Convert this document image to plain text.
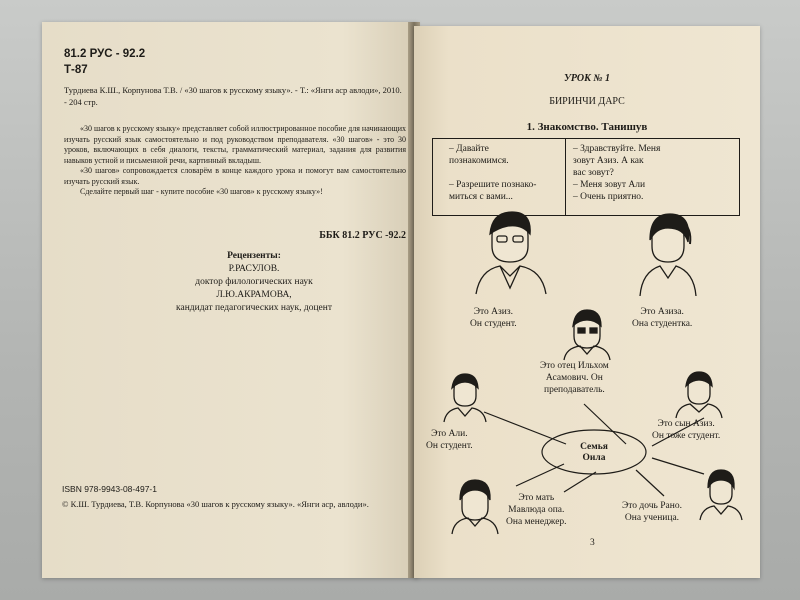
81.2 РУС - 92.2
Т-87
Турдиева К.Ш., Корпунова Т.В. / «30 шагов к русскому языку». - Т.: «Янги аср авлоди», 2010. - 204 стр.

«30 шагов к русскому языку» представляет собой иллюстрированное пособие для начинающих изучать русский язык самостоятельно и под руководством преподавателя. «30 шагов» - это 30 уроков, включающих в себя диалоги, тексты, грамматический материал, задания для развития навыков устной и письменной речи, картинный вкладыш.

«30 шагов» сопровождается словарём в конце каждого урока и помогут вам самостоятельно изучать русский язык.

Сделайте первый шаг - купите пособие «30 шагов» к русскому языку»!

ББК 81.2 РУС -92.2
Рецензенты:
Р.РАСУЛОВ.
доктор филологических наук
Л.Ю.АКРАМОВА,
кандидат педагогических наук, доцент
ISBN 978-9943-08-497-1
© К.Ш. Турдиева, Т.В. Корпунова «30 шагов к русскому языку». «Янги аср, авлоди».
УРОК № 1
БИРИНЧИ ДАРС
1. Знакомство. Танишув
– Давайте
познакомимся.
– Разрешите познако-
миться с вами...
– Здравствуйте. Меня
зовут Азиз. А как
вас зовут?
– Меня зовут Али
– Очень приятно.
Это Азиз.
Он студент.
Это Азиза.
Она студентка.
Это отец Ильхом
Асамович. Он
преподаватель.
Это Али.
Он студент.
Это сын Азиз.
Он тоже студент.
Это мать
Мавлюда опа.
Она менеджер.
Это дочь Рано.
Она ученица.
Семья
Оила
3
